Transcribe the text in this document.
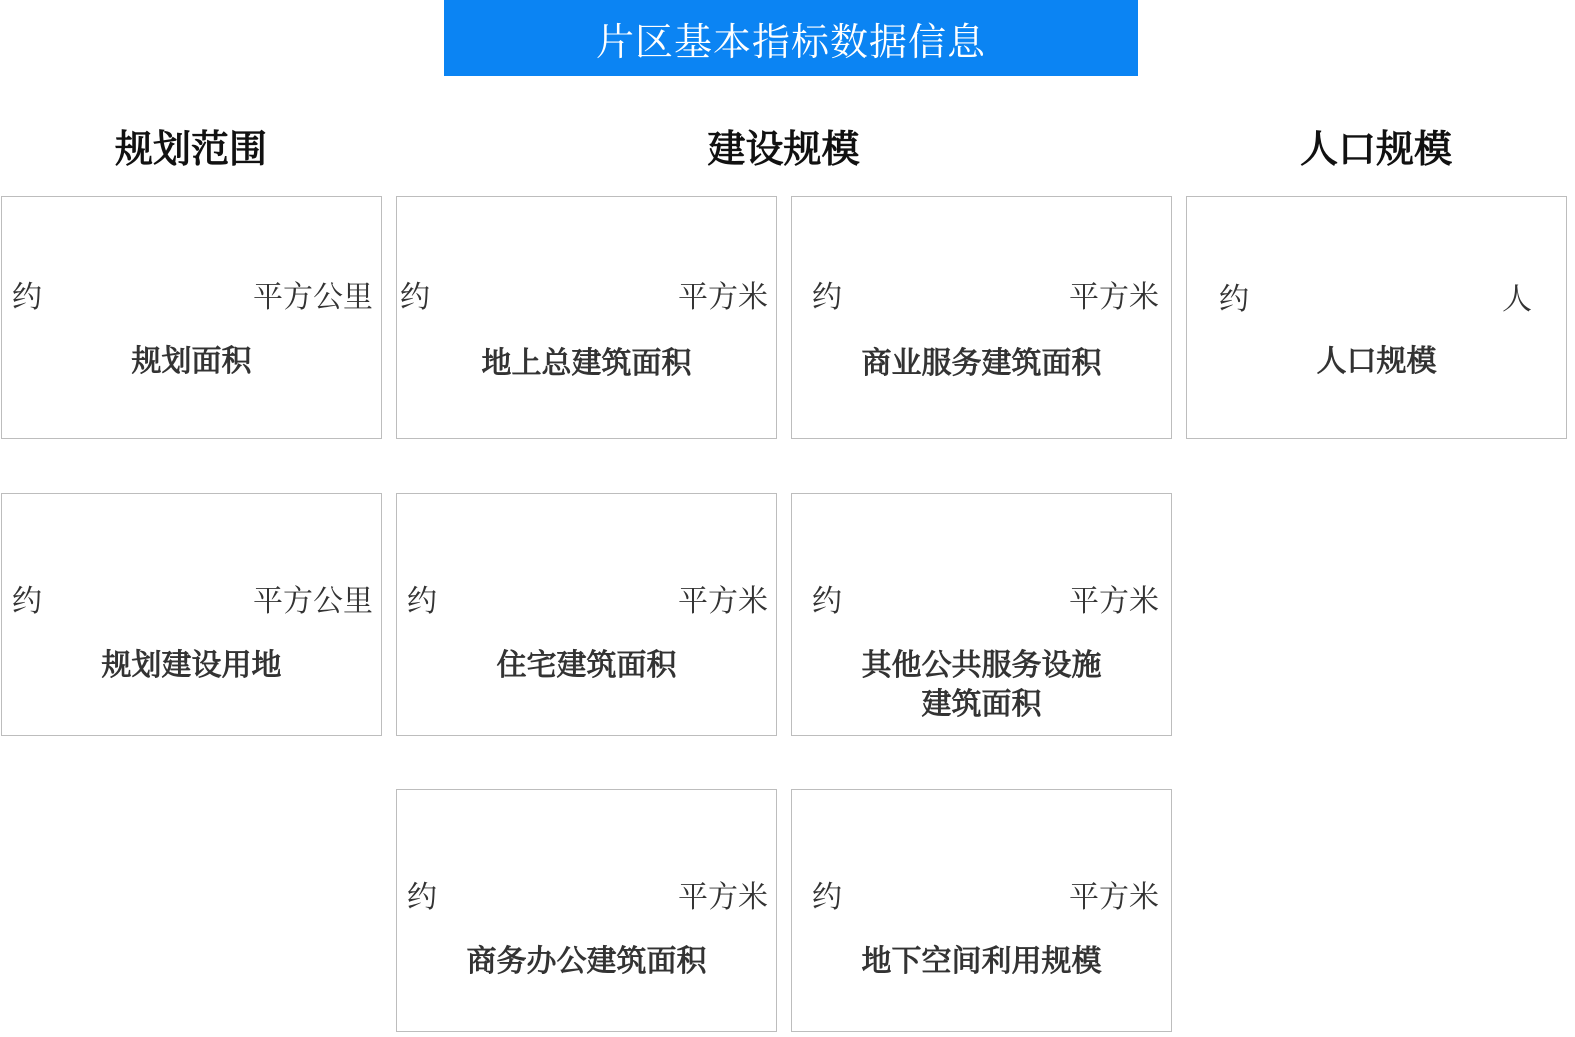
片区基本指标数据信息
规划范围	建设规模	人口规模
约	平方公里
规划面积
约	平方米
地上总建筑面积
约	平方米
商业服务建筑面积
约	人
人口规模
约	平方公里
规划建设用地
约	平方米
住宅建筑面积
约	平方米
其他公共服务设施
建筑面积
约	平方米
商务办公建筑面积
约	平方米
地下空间利用规模
